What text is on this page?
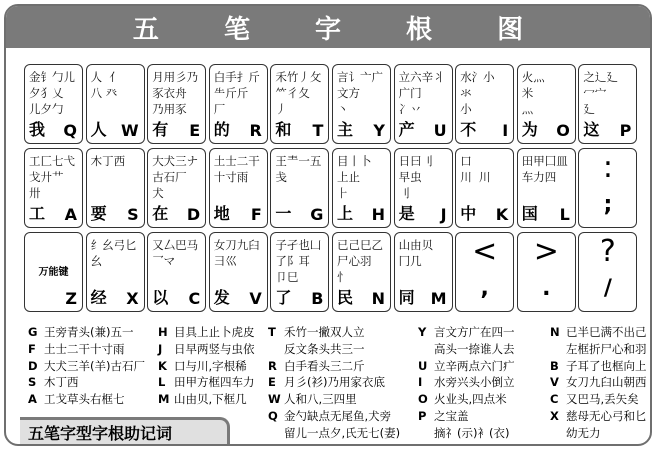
五 笔 字 根 图
金钅勹儿
夕犭乂
儿夕勹
我 Q
人  亻
八 癶
人 W
月用彡乃
豕衣舟
乃用豕
有 E
白手扌斤
⺧斤斤
厂
的 R
禾竹丿攵
⺮彳夂
丿
和 T
言讠亠广
文方
丶
主 Y
立六辛丬
广门
冫丷
产 U
水氵小
氺
小
不 I
火灬
米
灬
为 O
之辶廴
冖宀
廴
这 P
工匚七弋
戈廾艹
卅
工 A
木丁西

要 S
大犬三ナ
古石厂
犬
在 D
土士二干
十寸雨

地 F
王龶一五
戋

一 G
目丨卜
上止
⺊
上 H
日曰刂
早虫
刂
是 J
口
川  川

中 K
田甲囗皿
车力四

国 L
:
;
万能键
Z
纟幺弓匕
幺

经 X
又厶巴马
乛マ

以 C
女刀九臼
彐巛

发 V
子孑也凵
了阝耳
卩巳
了 B
已己巳乙
尸心羽
忄
民 N
山由贝
冂几

同 M
<
,
>
.
?
/
G 王旁青头(兼)五一
F 土士二干十寸雨
D 大犬三羊(羊)古石厂
S 木丁西
A 工戈草头右框七
H 目具上止卜虎皮
J	日早两竖与虫依
K 口与川,字根稀
L 田甲方框四车力
M 山由贝,下框几
T 禾竹一撇双人立
反文条头共三一
R 白手看头三二斤
E 月彡(衫)乃用家衣底
W 人和八,三四里
Q 金勺缺点无尾鱼,犬旁
留儿一点夕,氏无七(妻)
Y 言文方广在四一
高头一捺谁人去
U 立辛两点六门疒
I	水旁兴头小倒立
O 火业头,四点米
P 之宝盖
摘礻(示)衤(衣)
N 已半巳满不出己
左框折尸心和羽
B 子耳了也框向上
V 女刀九臼山朝西
C 又巴马,丢矢矣
X 慈母无心弓和匕
幼无力
五笔字型字根助记词
